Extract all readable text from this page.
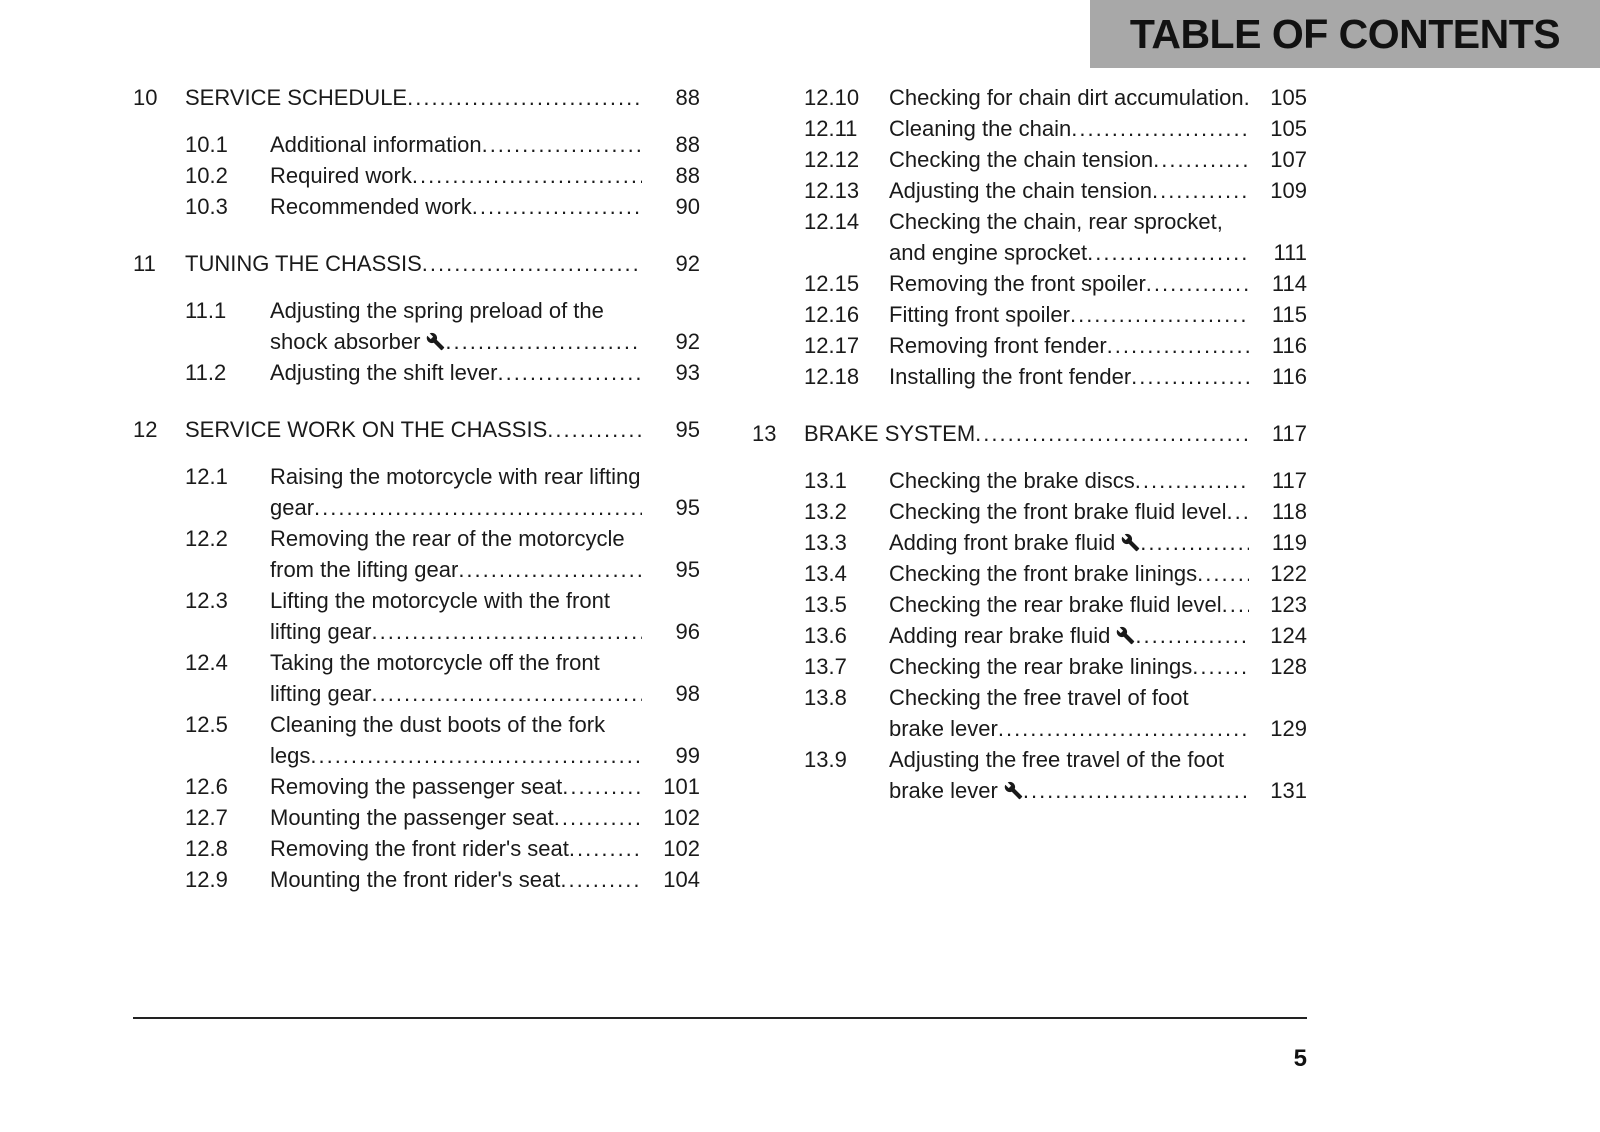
TABLE OF CONTENTS
10	SERVICE SCHEDULE	88
10.1	Additional information	88
10.2	Required work	88
10.3	Recommended work	90
11	TUNING THE CHASSIS	92
11.1	Adjusting the spring preload of the shock absorber	92
11.2	Adjusting the shift lever	93
12	SERVICE WORK ON THE CHASSIS	95
12.1	Raising the motorcycle with rear lifting gear	95
12.2	Removing the rear of the motorcycle from the lifting gear	95
12.3	Lifting the motorcycle with the front lifting gear	96
12.4	Taking the motorcycle off the front lifting gear	98
12.5	Cleaning the dust boots of the fork legs	99
12.6	Removing the passenger seat	101
12.7	Mounting the passenger seat	102
12.8	Removing the front rider's seat	102
12.9	Mounting the front rider's seat	104
12.10	Checking for chain dirt accumulation	105
12.11	Cleaning the chain	105
12.12	Checking the chain tension	107
12.13	Adjusting the chain tension	109
12.14	Checking the chain, rear sprocket, and engine sprocket	111
12.15	Removing the front spoiler	114
12.16	Fitting front spoiler	115
12.17	Removing front fender	116
12.18	Installing the front fender	116
13	BRAKE SYSTEM	117
13.1	Checking the brake discs	117
13.2	Checking the front brake fluid level	118
13.3	Adding front brake fluid	119
13.4	Checking the front brake linings	122
13.5	Checking the rear brake fluid level	123
13.6	Adding rear brake fluid	124
13.7	Checking the rear brake linings	128
13.8	Checking the free travel of foot brake lever	129
13.9	Adjusting the free travel of the foot brake lever	131
5
